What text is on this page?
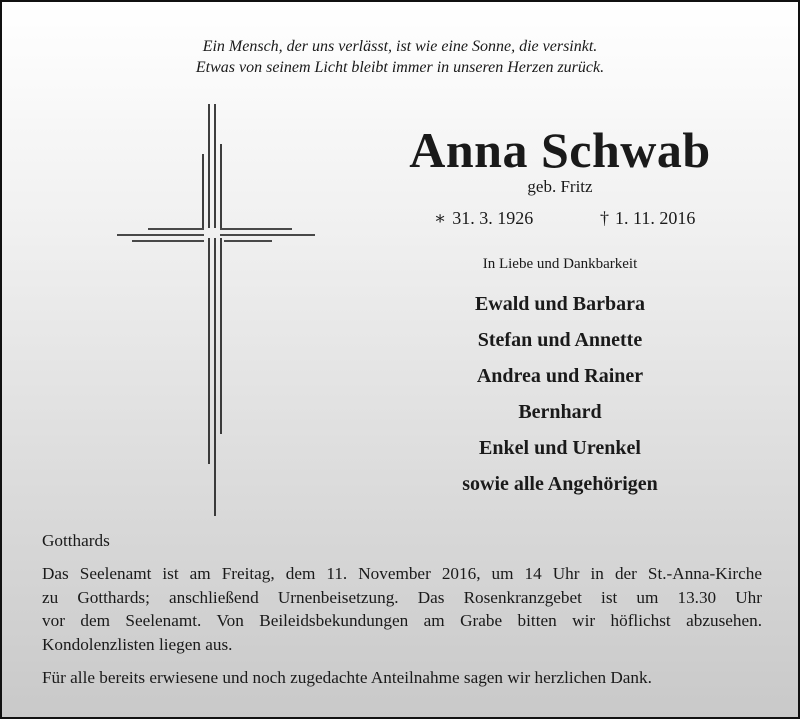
Ein Mensch, der uns verlässt, ist wie eine Sonne, die versinkt.
Etwas von seinem Licht bleibt immer in unseren Herzen zurück.
Anna Schwab
geb. Fritz
∗ 31. 3. 1926	† 1. 11. 2016
In Liebe und Dankbarkeit
Ewald und Barbara
Stefan und Annette
Andrea und Rainer
Bernhard
Enkel und Urenkel
sowie alle Angehörigen
Gotthards
Das Seelenamt ist am Freitag, dem 11. November 2016, um 14 Uhr in der St.-Anna-Kirche
zu Gotthards; anschließend Urnenbeisetzung. Das Rosenkranzgebet ist um 13.30 Uhr
vor dem Seelenamt. Von Beileidsbekundungen am Grabe bitten wir höflichst abzusehen.
Kondolenzlisten liegen aus.
Für alle bereits erwiesene und noch zugedachte Anteilnahme sagen wir herzlichen Dank.
